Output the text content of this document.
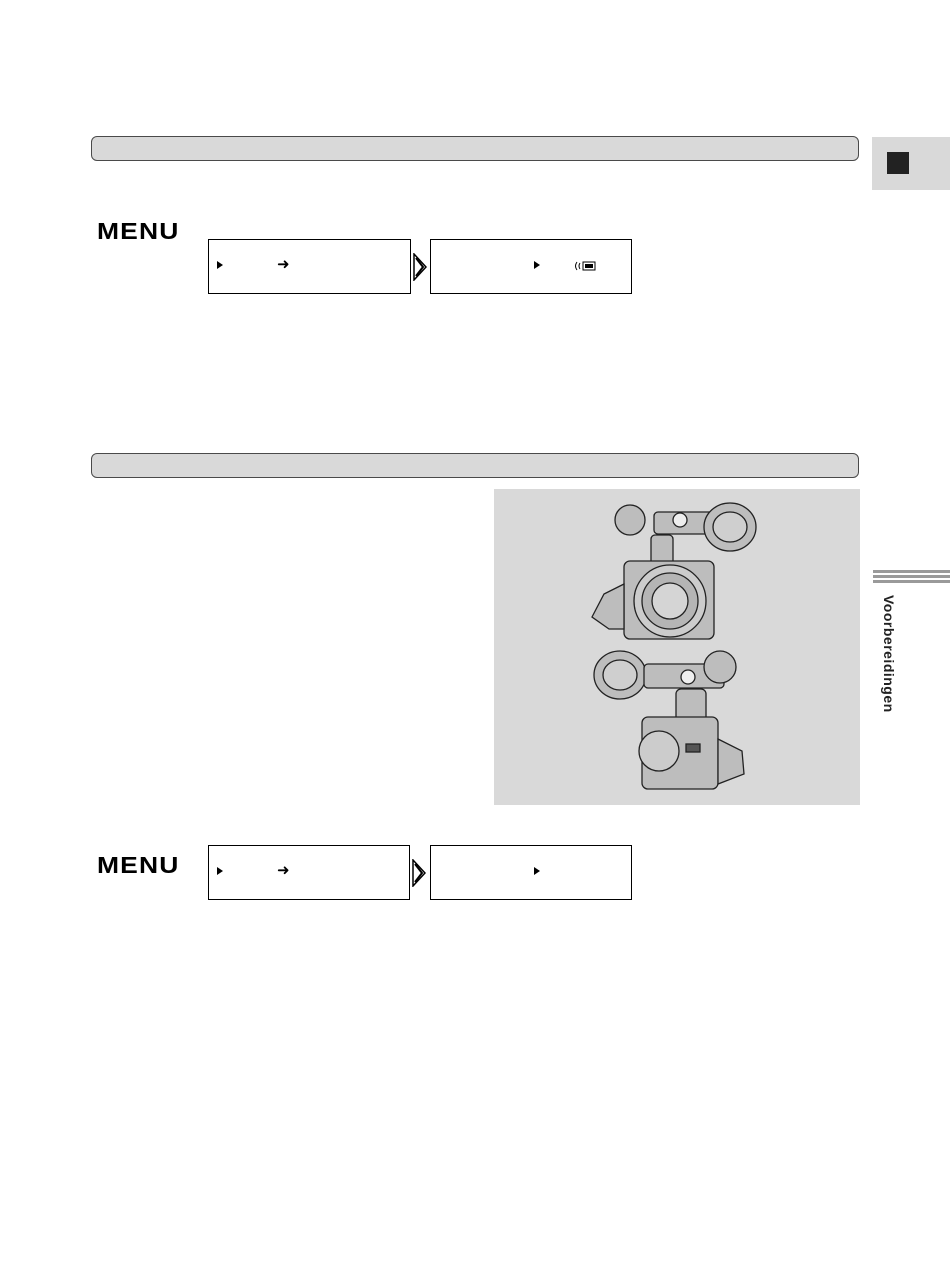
Voorbereidingen
MENU
➜
MENU	➜
